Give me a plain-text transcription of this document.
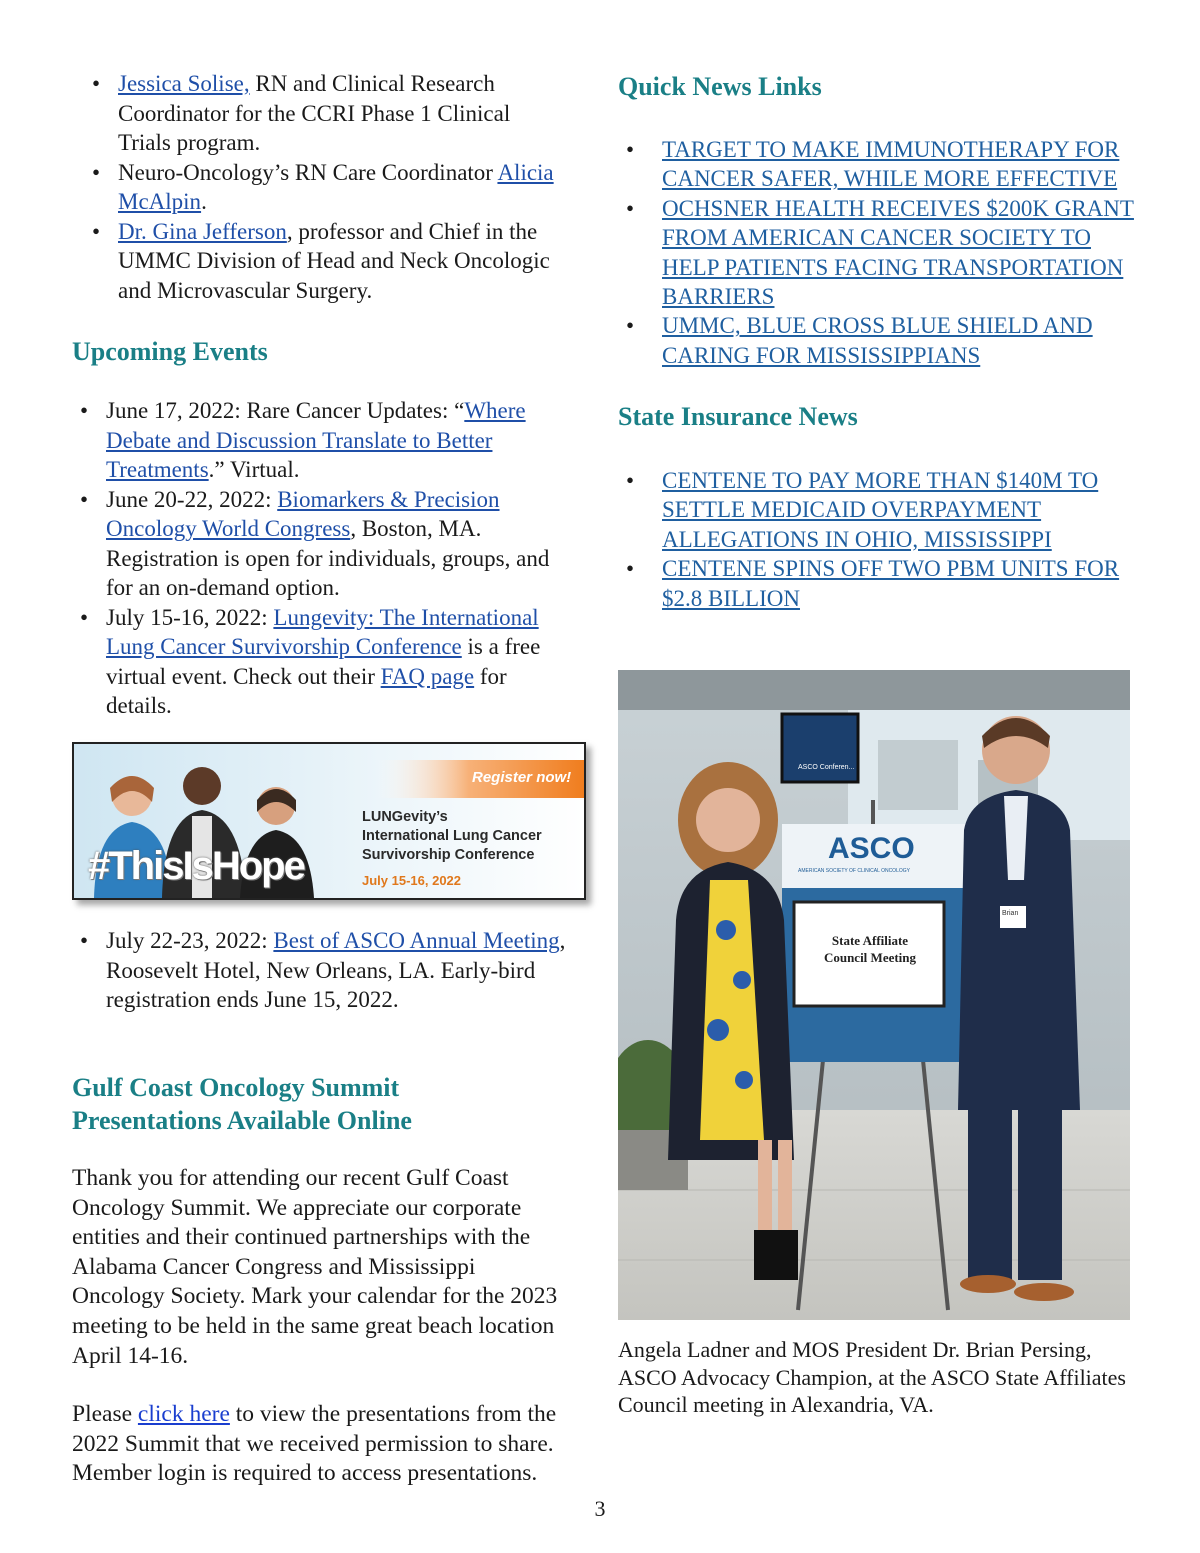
• Jessica Solise, RN and Clinical Research Coordinator for the CCRI Phase 1 Clinical Trials program.
• Neuro-Oncology’s RN Care Coordinator Alicia McAlpin.
• Dr. Gina Jefferson, professor and Chief in the UMMC Division of Head and Neck Oncologic and Microvascular Surgery.
Upcoming Events
• June 17, 2022: Rare Cancer Updates: “Where Debate and Discussion Translate to Better Treatments.” Virtual.
• June 20-22, 2022: Biomarkers & Precision Oncology World Congress, Boston, MA. Registration is open for individuals, groups, and for an on-demand option.
• July 15-16, 2022: Lungevity: The International Lung Cancer Survivorship Conference is a free virtual event. Check out their FAQ page for details.
Register now!
LUNGevity’s
International Lung Cancer
Survivorship Conference
July 15-16, 2022
#ThisIsHope
• July 22-23, 2022: Best of ASCO Annual Meeting, Roosevelt Hotel, New Orleans, LA. Early-bird registration ends June 15, 2022.
Gulf Coast Oncology Summit Presentations Available Online

Thank you for attending our recent Gulf Coast Oncology Summit. We appreciate our corporate entities and their continued partnerships with the Alabama Cancer Congress and Mississippi Oncology Society. Mark your calendar for the 2023 meeting to be held in the same great beach location April 14-16.

Please click here to view the presentations from the 2022 Summit that we received permission to share. Member login is required to access presentations.

Quick News Links
• TARGET TO MAKE IMMUNOTHERAPY FOR CANCER SAFER, WHILE MORE EFFECTIVE
• OCHSNER HEALTH RECEIVES $200K GRANT FROM AMERICAN CANCER SOCIETY TO HELP PATIENTS FACING TRANSPORTATION BARRIERS
• UMMC, BLUE CROSS BLUE SHIELD AND CARING FOR MISSISSIPPIANS
State Insurance News
• CENTENE TO PAY MORE THAN $140M TO SETTLE MEDICAID OVERPAYMENT ALLEGATIONS IN OHIO, MISSISSIPPI
• CENTENE SPINS OFF TWO PBM UNITS FOR $2.8 BILLION
ASCO Conferen...
ASCO
AMERICAN SOCIETY OF CLINICAL ONCOLOGY
State Affiliate
Council Meeting
Brian

Angela Ladner and MOS President Dr. Brian Persing, ASCO Advocacy Champion, at the ASCO State Affiliates Council meeting in Alexandria, VA.

3
